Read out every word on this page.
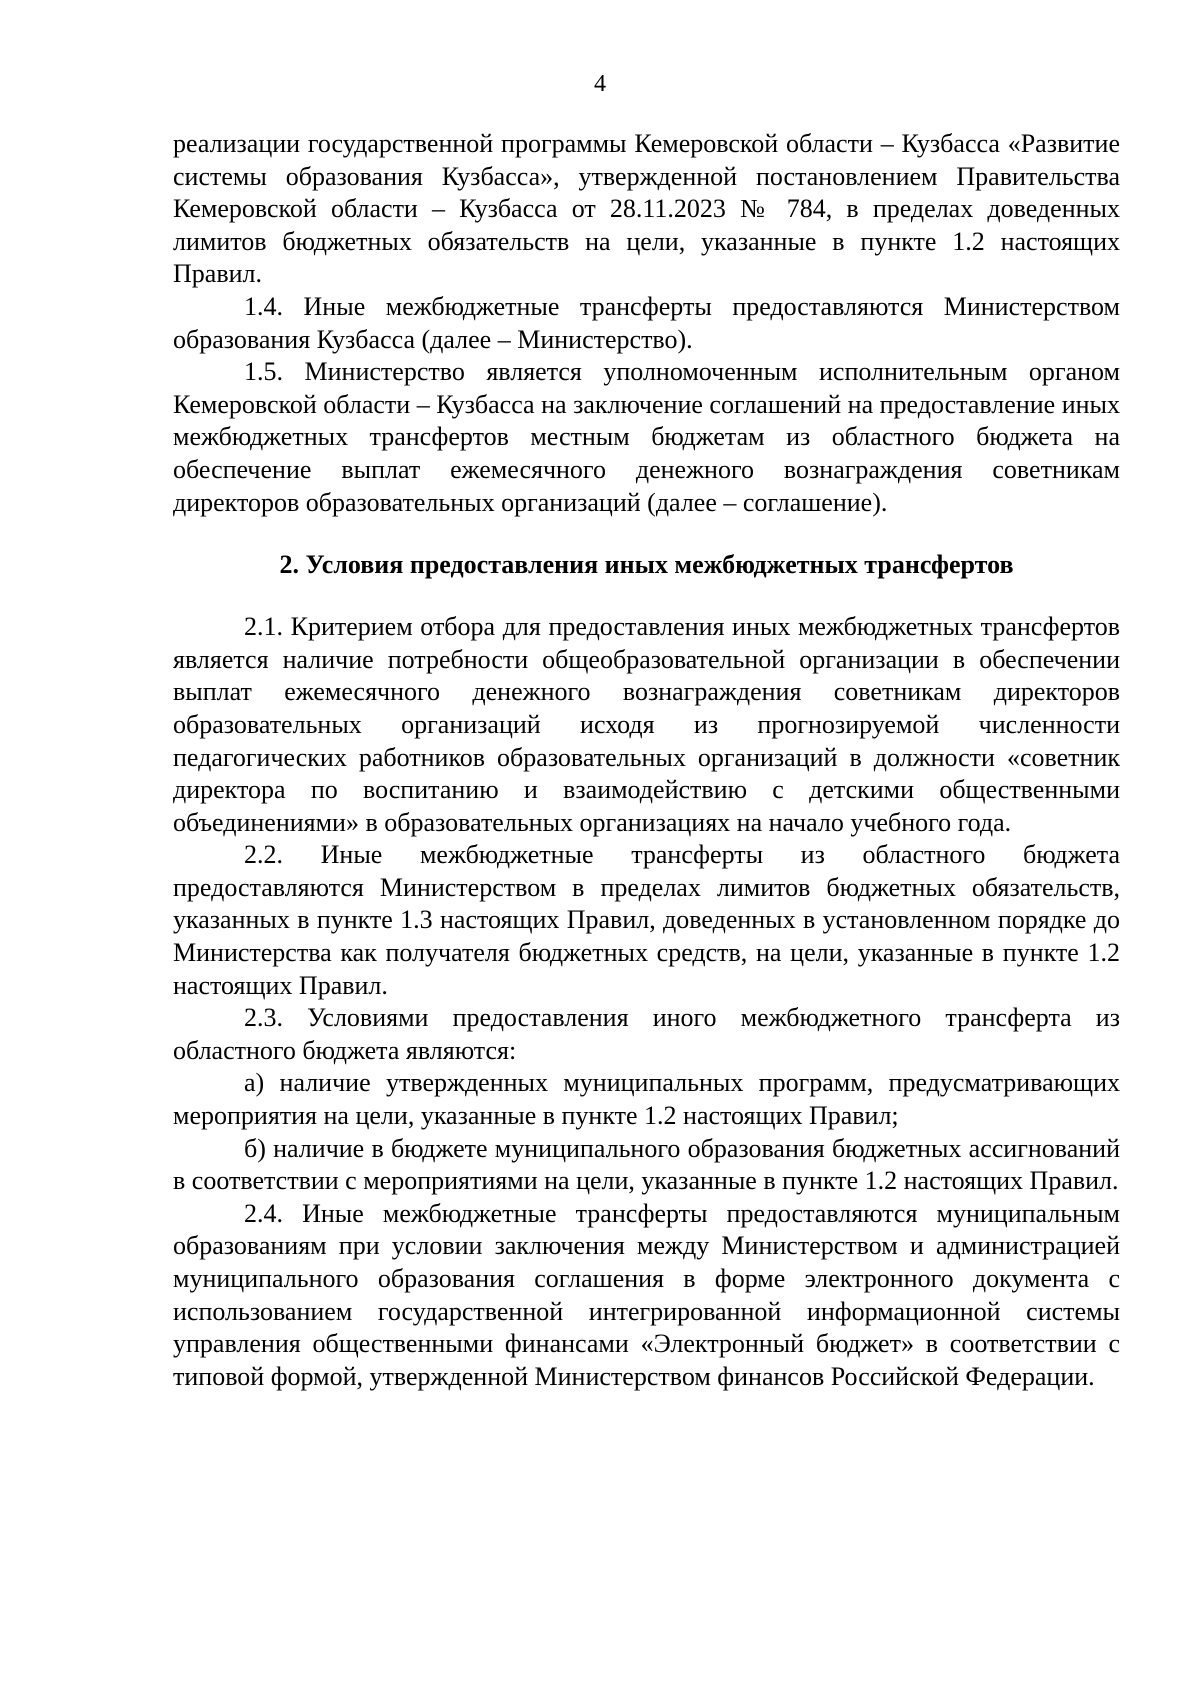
4

реализации государственной программы Кемеровской области – Кузбасса «Развитие системы образования Кузбасса», утвержденной постановлением Правительства Кемеровской области – Кузбасса от 28.11.2023 № 784, в пределах доведенных лимитов бюджетных обязательств на цели, указанные в пункте 1.2 настоящих Правил.

1.4. Иные межбюджетные трансферты предоставляются Министерством образования Кузбасса (далее – Министерство).

1.5. Министерство является уполномоченным исполнительным органом Кемеровской области – Кузбасса на заключение соглашений на предоставление иных межбюджетных трансфертов местным бюджетам из областного бюджета на обеспечение выплат ежемесячного денежного вознаграждения советникам директоров образовательных организаций (далее – соглашение).

2. Условия предоставления иных межбюджетных трансфертов

2.1. Критерием отбора для предоставления иных межбюджетных трансфертов является наличие потребности общеобразовательной организации в обеспечении выплат ежемесячного денежного вознаграждения советникам директоров образовательных организаций исходя из прогнозируемой численности педагогических работников образовательных организаций в должности «советник директора по воспитанию и взаимодействию с детскими общественными объединениями» в образовательных организациях на начало учебного года.

2.2. Иные межбюджетные трансферты из областного бюджета предоставляются Министерством в пределах лимитов бюджетных обязательств, указанных в пункте 1.3 настоящих Правил, доведенных в установленном порядке до Министерства как получателя бюджетных средств, на цели, указанные в пункте 1.2 настоящих Правил.

2.3. Условиями предоставления иного межбюджетного трансферта из областного бюджета являются:

а) наличие утвержденных муниципальных программ, предусматривающих мероприятия на цели, указанные в пункте 1.2 настоящих Правил;

б) наличие в бюджете муниципального образования бюджетных ассигнований в соответствии с мероприятиями на цели, указанные в пункте 1.2 настоящих Правил.

2.4. Иные межбюджетные трансферты предоставляются муниципальным образованиям при условии заключения между Министерством и администрацией муниципального образования соглашения в форме электронного документа с использованием государственной интегрированной информационной системы управления общественными финансами «Электронный бюджет» в соответствии с типовой формой, утвержденной Министерством финансов Российской Федерации.
